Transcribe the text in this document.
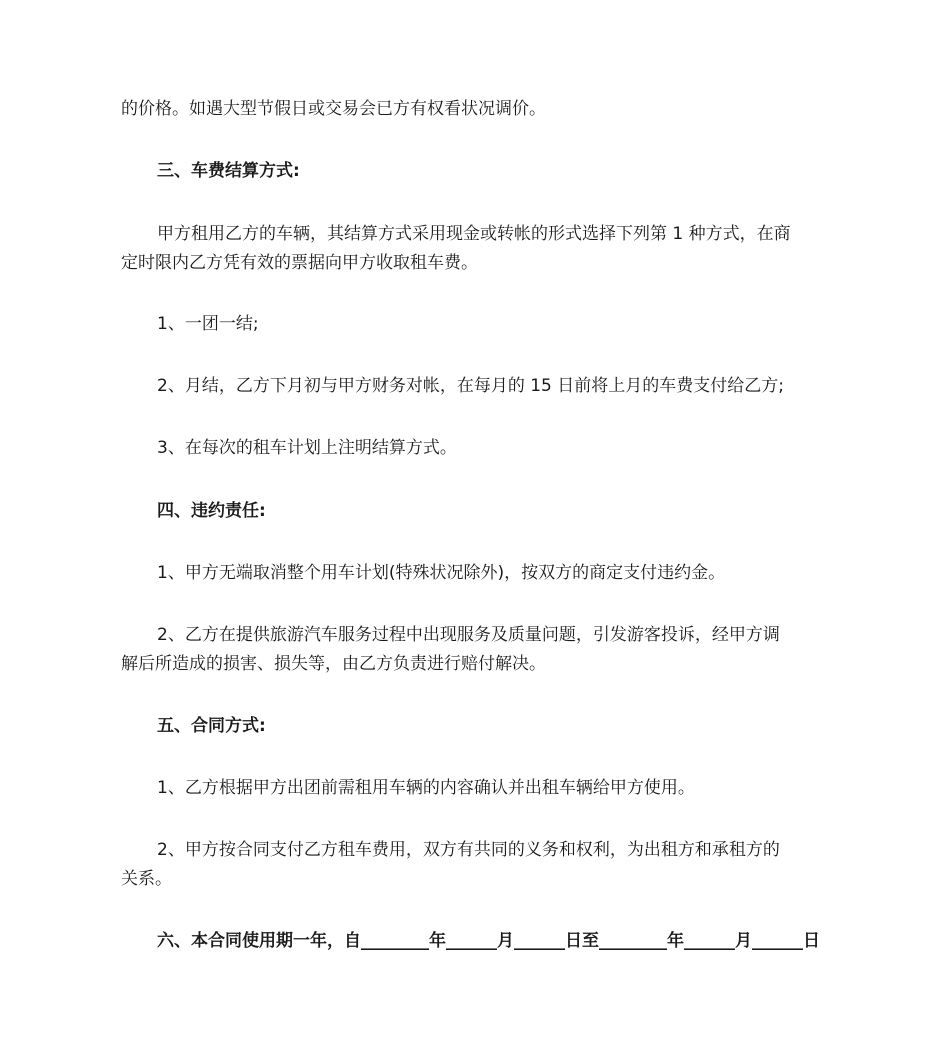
的价格。如遇大型节假日或交易会已方有权看状况调价。
三、车费结算方式:
甲方租用乙方的车辆，其结算方式采用现金或转帐的形式选择下列第 1 种方式，在商
定时限内乙方凭有效的票据向甲方收取租车费。
1、一团一结;
2、月结，乙方下月初与甲方财务对帐，在每月的 15 日前将上月的车费支付给乙方;
3、在每次的租车计划上注明结算方式。
四、违约责任:
1、甲方无端取消整个用车计划(特殊状况除外)，按双方的商定支付违约金。
2、乙方在提供旅游汽车服务过程中出现服务及质量问题，引发游客投诉，经甲方调
解后所造成的损害、损失等，由乙方负责进行赔付解决。
五、合同方式:
1、乙方根据甲方出团前需租用车辆的内容确认并出租车辆给甲方使用。
2、甲方按合同支付乙方租车费用，双方有共同的义务和权利，为出租方和承租方的
关系。
六、本合同使用期一年，自________年______月______日至________年______月______日
